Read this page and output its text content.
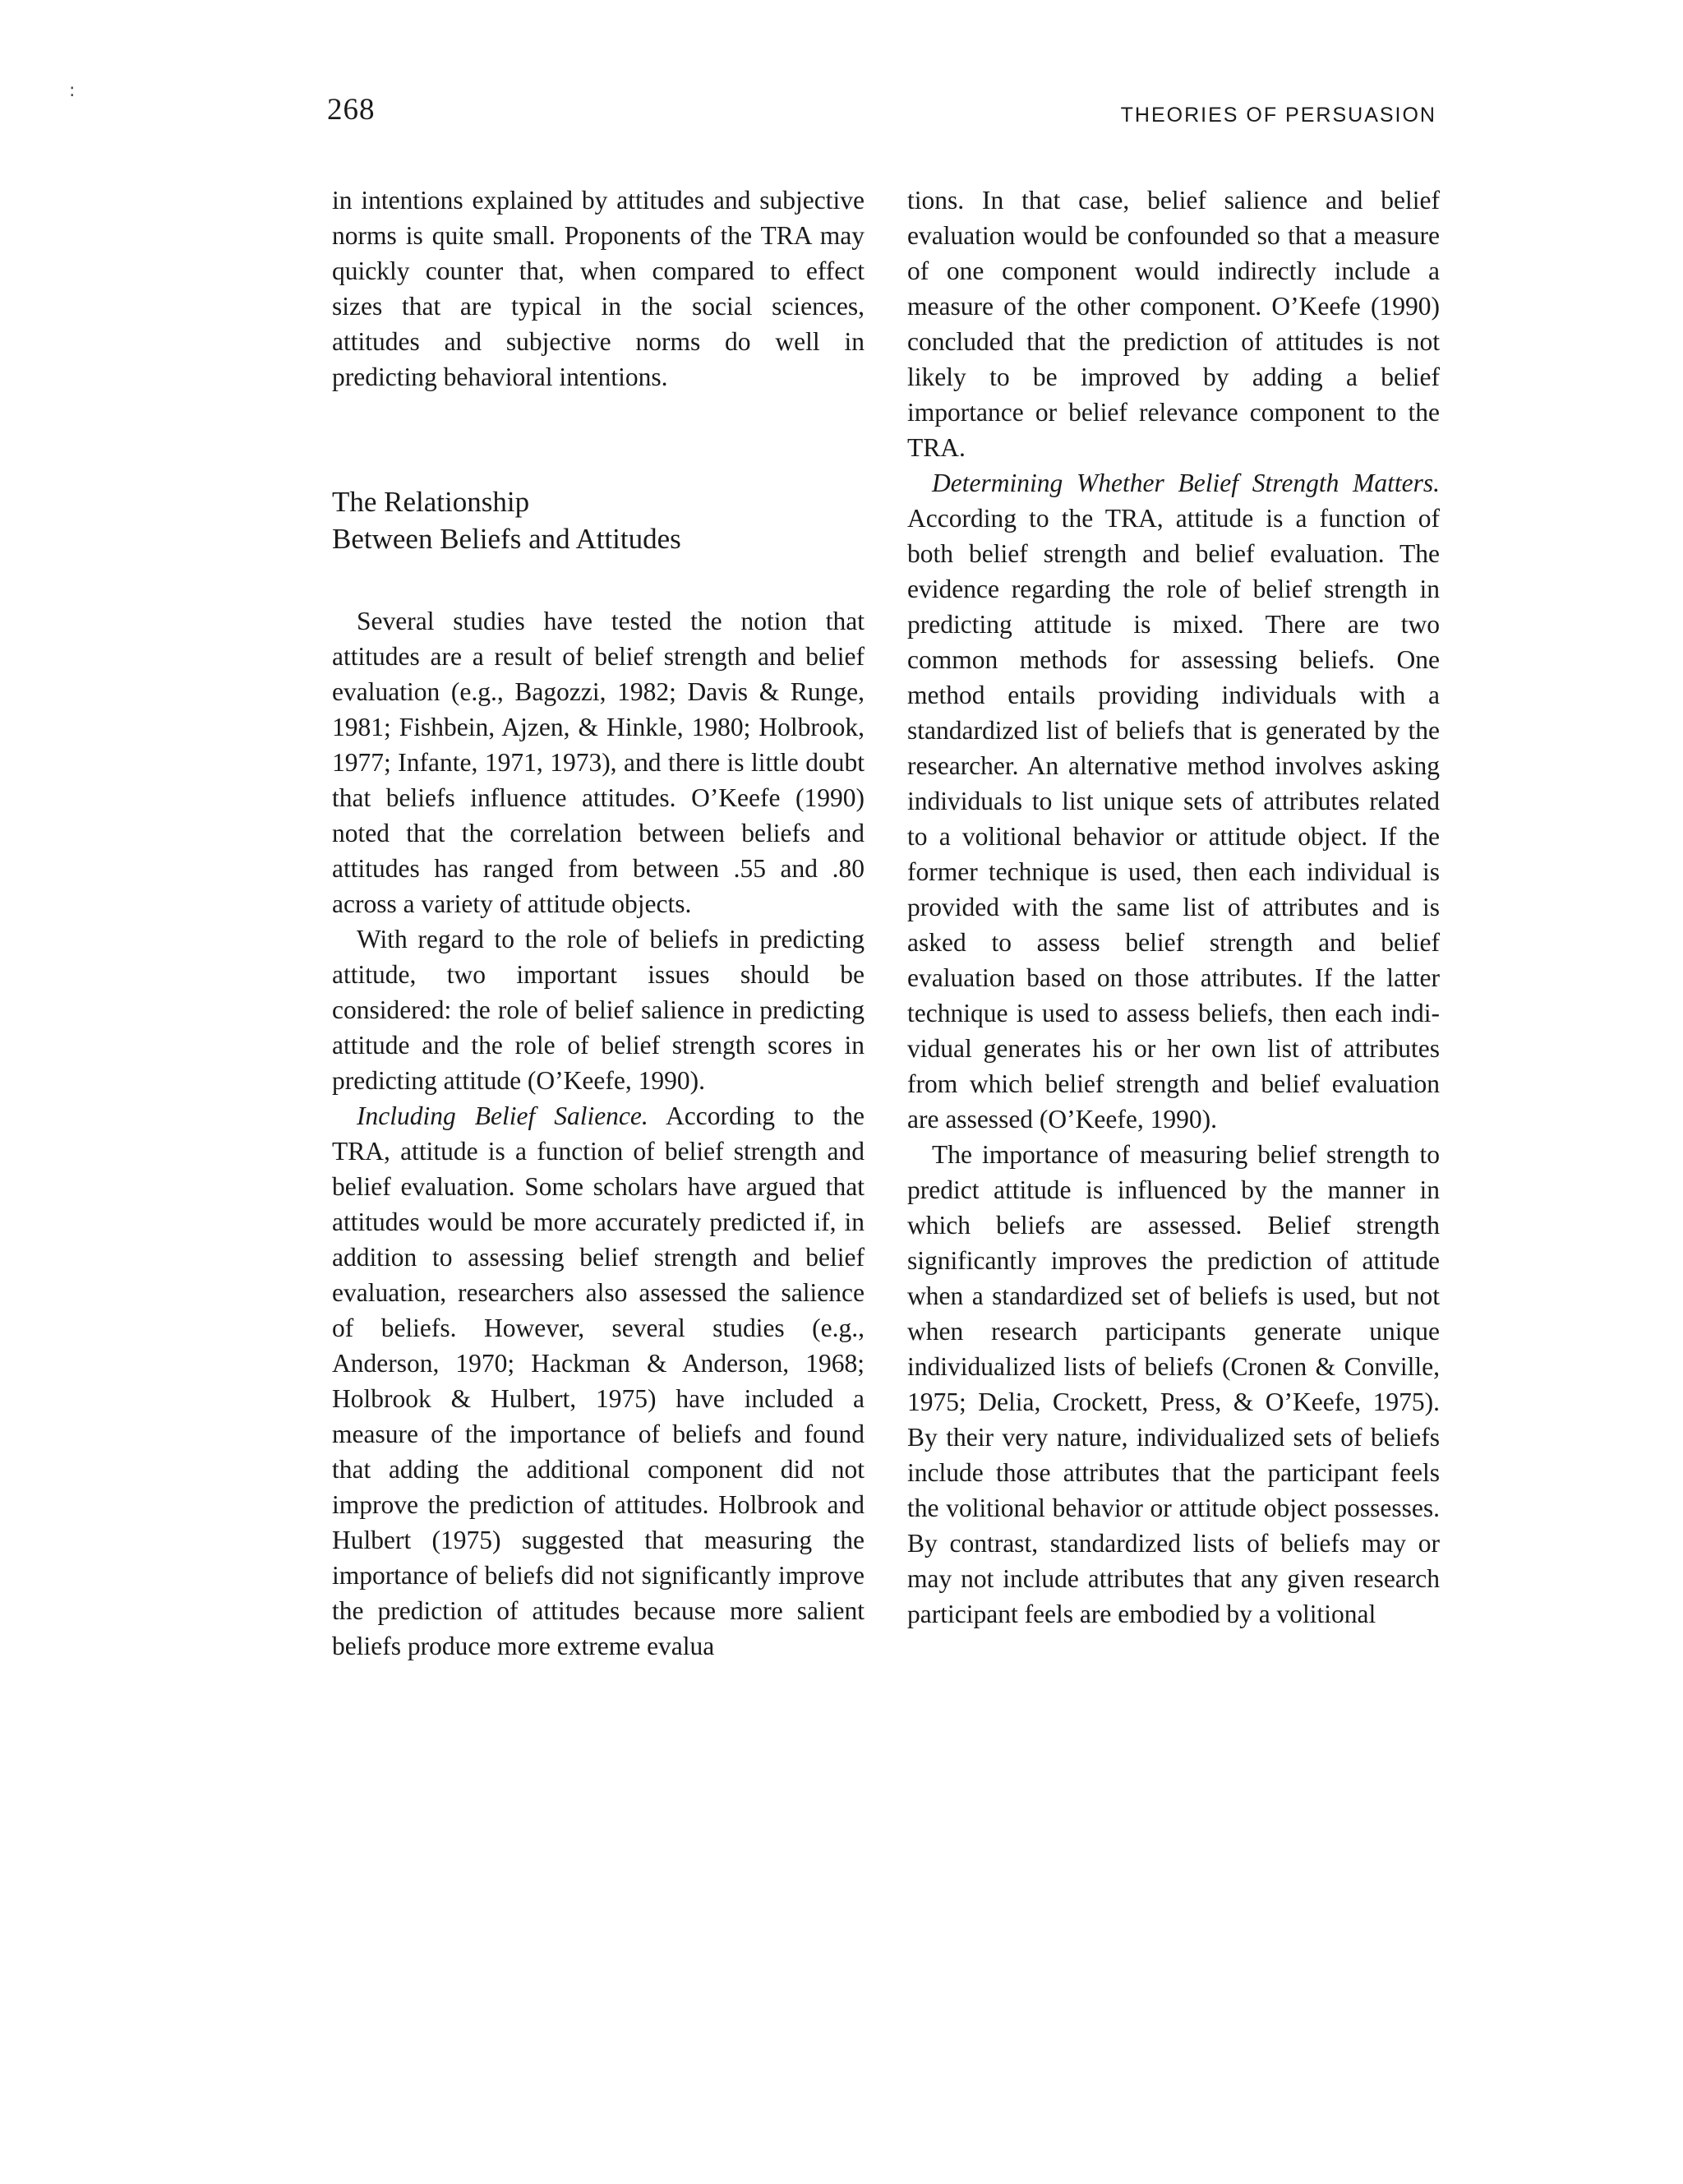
:
268	THEORIES OF PERSUASION

in intentions explained by attitudes and subjective norms is quite small. Proponents of the TRA may quickly counter that, when compared to effect sizes that are typical in the social sciences, attitudes and subjective norms do well in predicting behavioral intentions.

The Relationship
Between Beliefs and Attitudes

Several studies have tested the notion that attitudes are a result of belief strength and belief evaluation (e.g., Bagozzi, 1982; Davis & Runge, 1981; Fishbein, Ajzen, & Hinkle, 1980; Holbrook, 1977; Infante, 1971, 1973), and there is little doubt that beliefs influence attitudes. O’Keefe (1990) noted that the correlation between beliefs and attitudes has ranged from between .55 and .80 across a variety of attitude objects.

With regard to the role of beliefs in predicting attitude, two important issues should be considered: the role of belief salience in predicting attitude and the role of belief strength scores in predicting attitude (O’Keefe, 1990).

Including Belief Salience. According to the TRA, attitude is a function of belief strength and belief evaluation. Some scholars have argued that attitudes would be more accurately predicted if, in addition to assessing belief strength and belief evaluation, researchers also assessed the salience of beliefs. However, several studies (e.g., Anderson, 1970; Hackman & Anderson, 1968; Holbrook & Hulbert, 1975) have included a measure of the importance of beliefs and found that adding the additional component did not improve the prediction of attitudes. Holbrook and Hulbert (1975) suggested that measuring the importance of beliefs did not significantly improve the prediction of attitudes because more salient beliefs produce more extreme evalua

tions. In that case, belief salience and belief evaluation would be confounded so that a measure of one component would indirectly include a measure of the other component. O’Keefe (1990) concluded that the prediction of attitudes is not likely to be improved by adding a belief importance or belief relevance component to the TRA.

Determining Whether Belief Strength Matters. According to the TRA, attitude is a function of both belief strength and belief evaluation. The evidence regarding the role of belief strength in predicting attitude is mixed. There are two common methods for assessing beliefs. One method entails providing individuals with a standardized list of beliefs that is generated by the researcher. An alternative method involves asking individuals to list unique sets of attributes related to a volitional behavior or attitude object. If the former technique is used, then each individual is provided with the same list of attributes and is asked to assess belief strength and belief evaluation based on those attributes. If the latter technique is used to assess beliefs, then each individual generates his or her own list of attributes from which belief strength and belief evaluation are assessed (O’Keefe, 1990).

The importance of measuring belief strength to predict attitude is influenced by the manner in which beliefs are assessed. Belief strength significantly improves the prediction of attitude when a standardized set of beliefs is used, but not when research participants generate unique individualized lists of beliefs (Cronen & Conville, 1975; Delia, Crockett, Press, & O’Keefe, 1975). By their very nature, individualized sets of beliefs include those attributes that the participant feels the volitional behavior or attitude object possesses. By contrast, standardized lists of beliefs may or may not include attributes that any given research participant feels are embodied by a volitional
